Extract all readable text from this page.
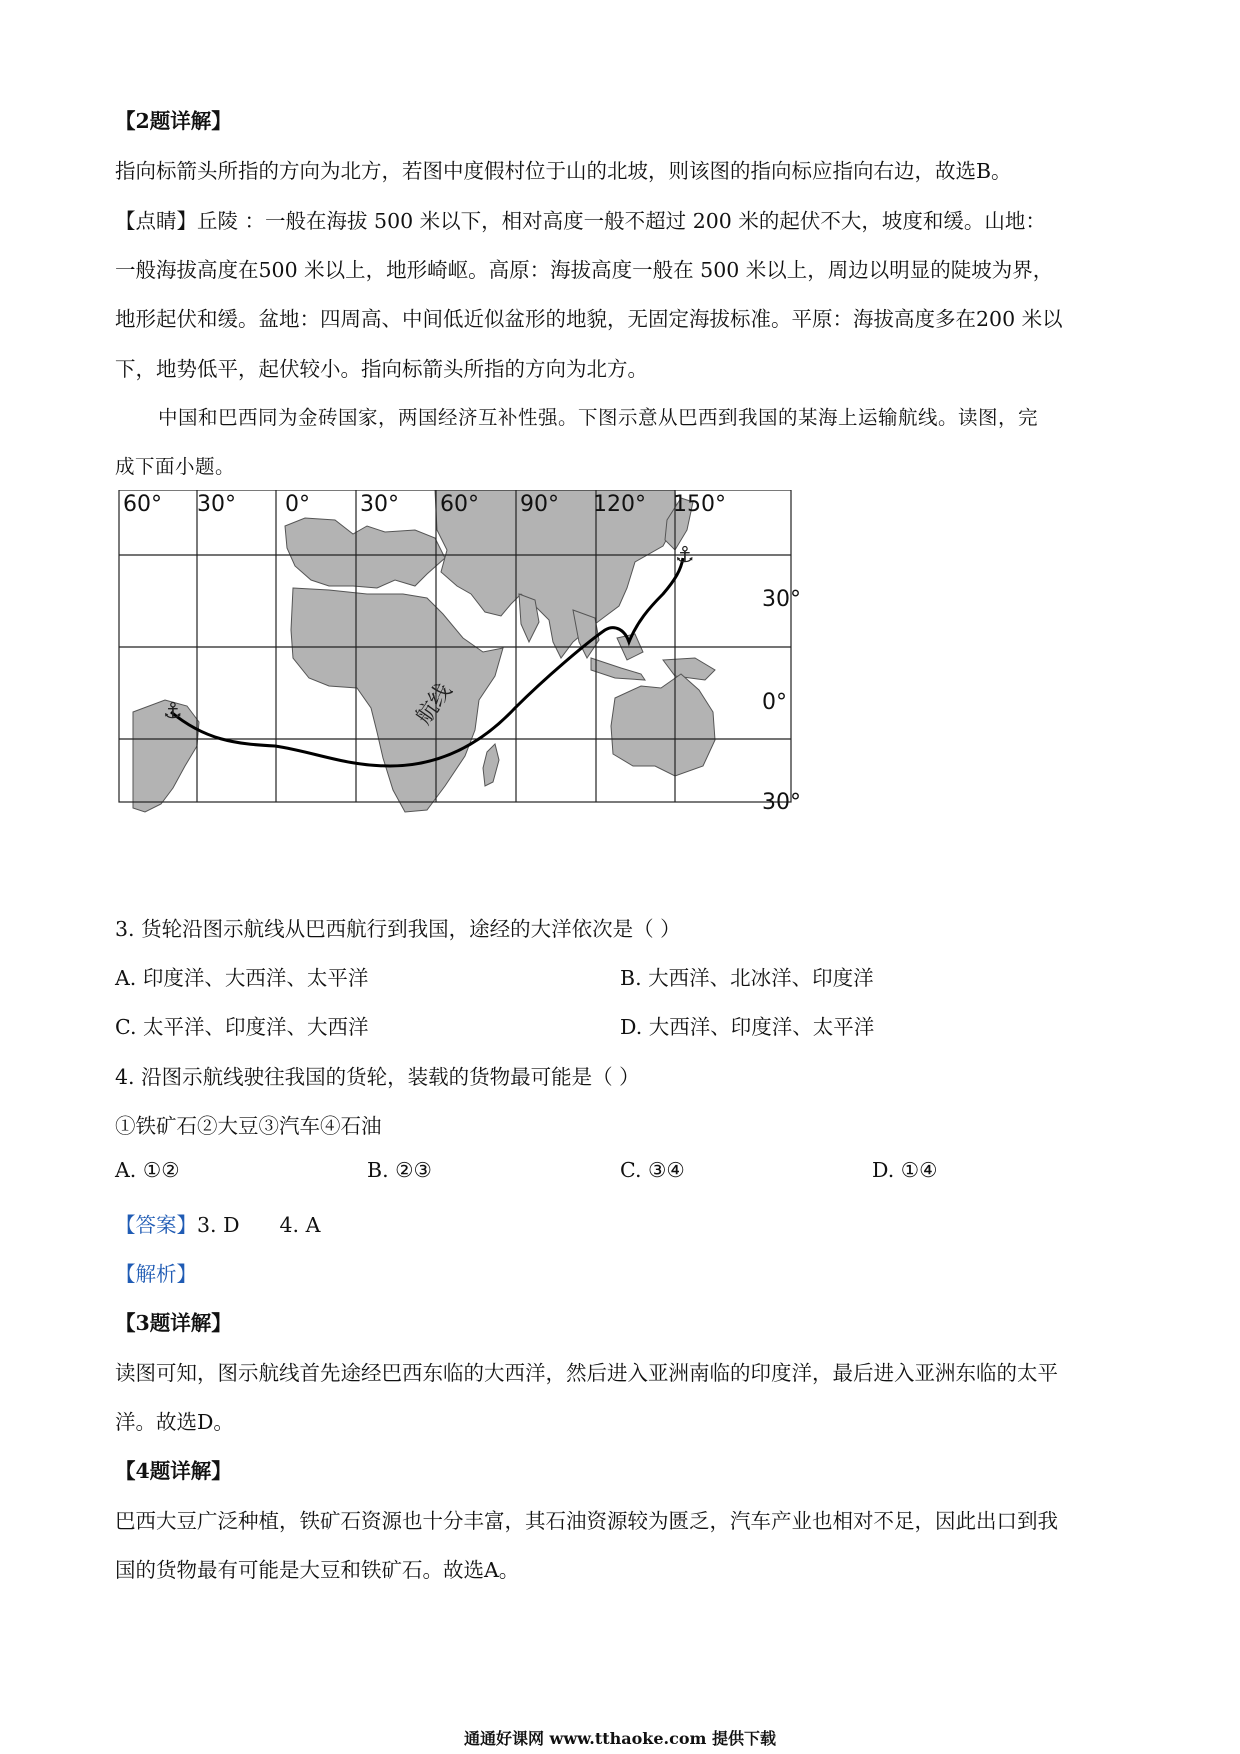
【2题详解】
指向标箭头所指的方向为北方，若图中度假村位于山的北坡，则该图的指向标应指向右边，故选B。
【点睛】丘陵 ：一般在海拔 500 米以下，相对高度一般不超过 200 米的起伏不大，坡度和缓。山地：
一般海拔高度在500 米以上，地形崎岖。高原：海拔高度一般在 500 米以上，周边以明显的陡坡为界，
地形起伏和缓。盆地：四周高、中间低近似盆形的地貌，无固定海拔标准。平原：海拔高度多在200 米以
下，地势低平，起伏较小。指向标箭头所指的方向为北方。
中国和巴西同为金砖国家，两国经济互补性强。下图示意从巴西到我国的某海上运输航线。读图，完
成下面小题。
航线
⚓
⚓
60° 30° 0° 30° 60° 90° 120° 150°
30°
0°
30°
3. 货轮沿图示航线从巴西航行到我国，途经的大洋依次是（ ）
A. 印度洋、大西洋、太平洋	B. 大西洋、北冰洋、印度洋
C. 太平洋、印度洋、大西洋	D. 大西洋、印度洋、太平洋
4. 沿图示航线驶往我国的货轮，装载的货物最可能是（ ）
①铁矿石②大豆③汽车④石油
A. ①②	B. ②③	C. ③④	D. ①④
【答案】3. D 4. A
【解析】
【3题详解】
读图可知，图示航线首先途经巴西东临的大西洋，然后进入亚洲南临的印度洋，最后进入亚洲东临的太平
洋。故选D。
【4题详解】
巴西大豆广泛种植，铁矿石资源也十分丰富，其石油资源较为匮乏，汽车产业也相对不足，因此出口到我
国的货物最有可能是大豆和铁矿石。故选A。
通通好课网 www.tthaoke.com 提供下载
